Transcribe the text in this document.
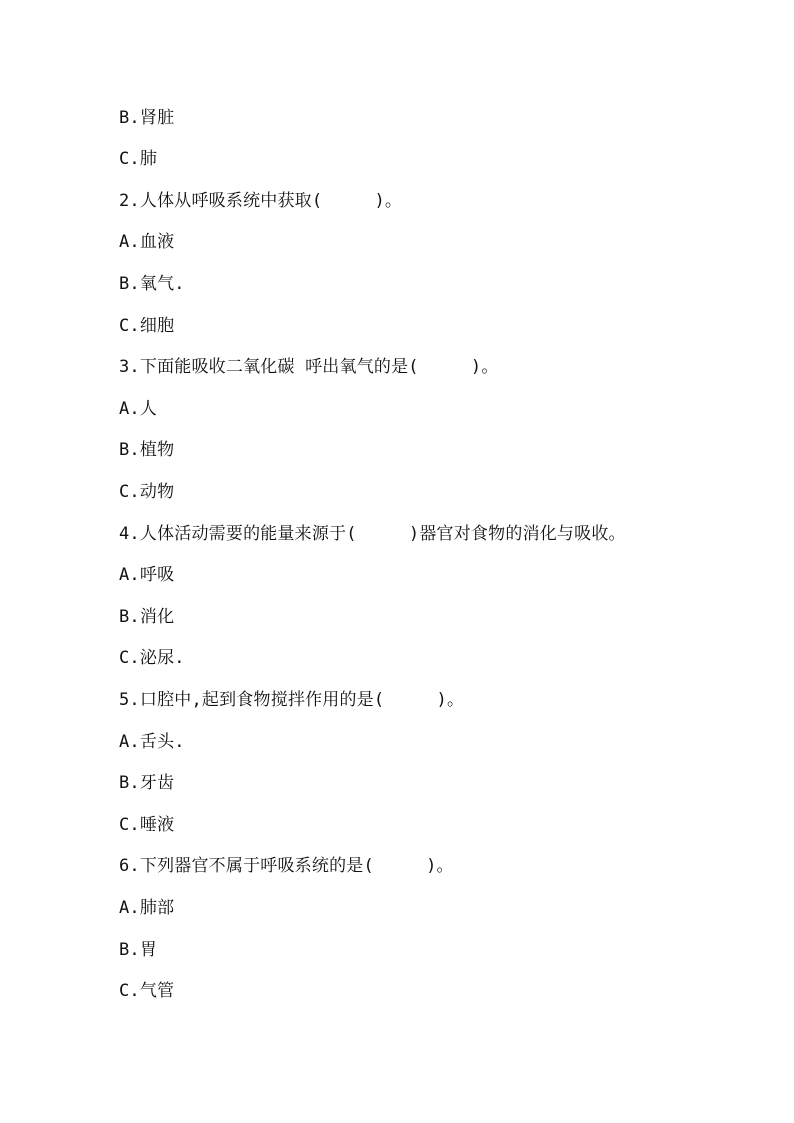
B.肾脏
C.肺
2.人体从呼吸系统中获取(     )。
A.血液
B.氧气.
C.细胞
3.下面能吸收二氧化碳 呼出氧气的是(     )。
A.人
B.植物
C.动物
4.人体活动需要的能量来源于(     )器官对食物的消化与吸收。
A.呼吸
B.消化
C.泌尿.
5.口腔中,起到食物搅拌作用的是(     )。
A.舌头.
B.牙齿
C.唾液
6.下列器官不属于呼吸系统的是(     )。
A.肺部
B.胃
C.气管
